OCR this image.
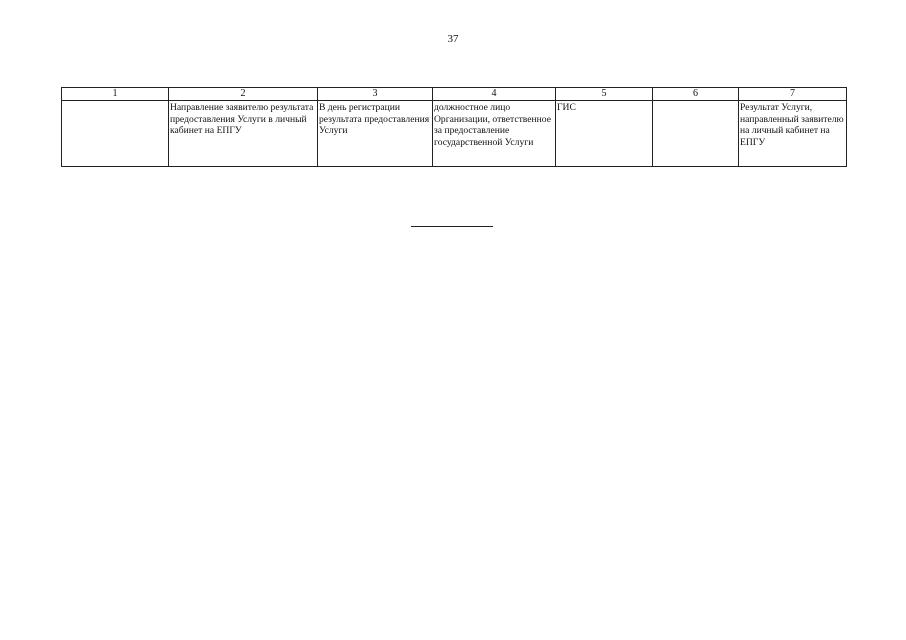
37
1	2	3	4	5	6	7
	Направление заявителю результата предоставления Услуги в личный кабинет на ЕПГУ	В день регистрации результата предоставления Услуги	должностное лицо Организации, ответственное за предоставление государственной Услуги	ГИС		Результат Услуги, направленный заявителю на личный кабинет на ЕПГУ
